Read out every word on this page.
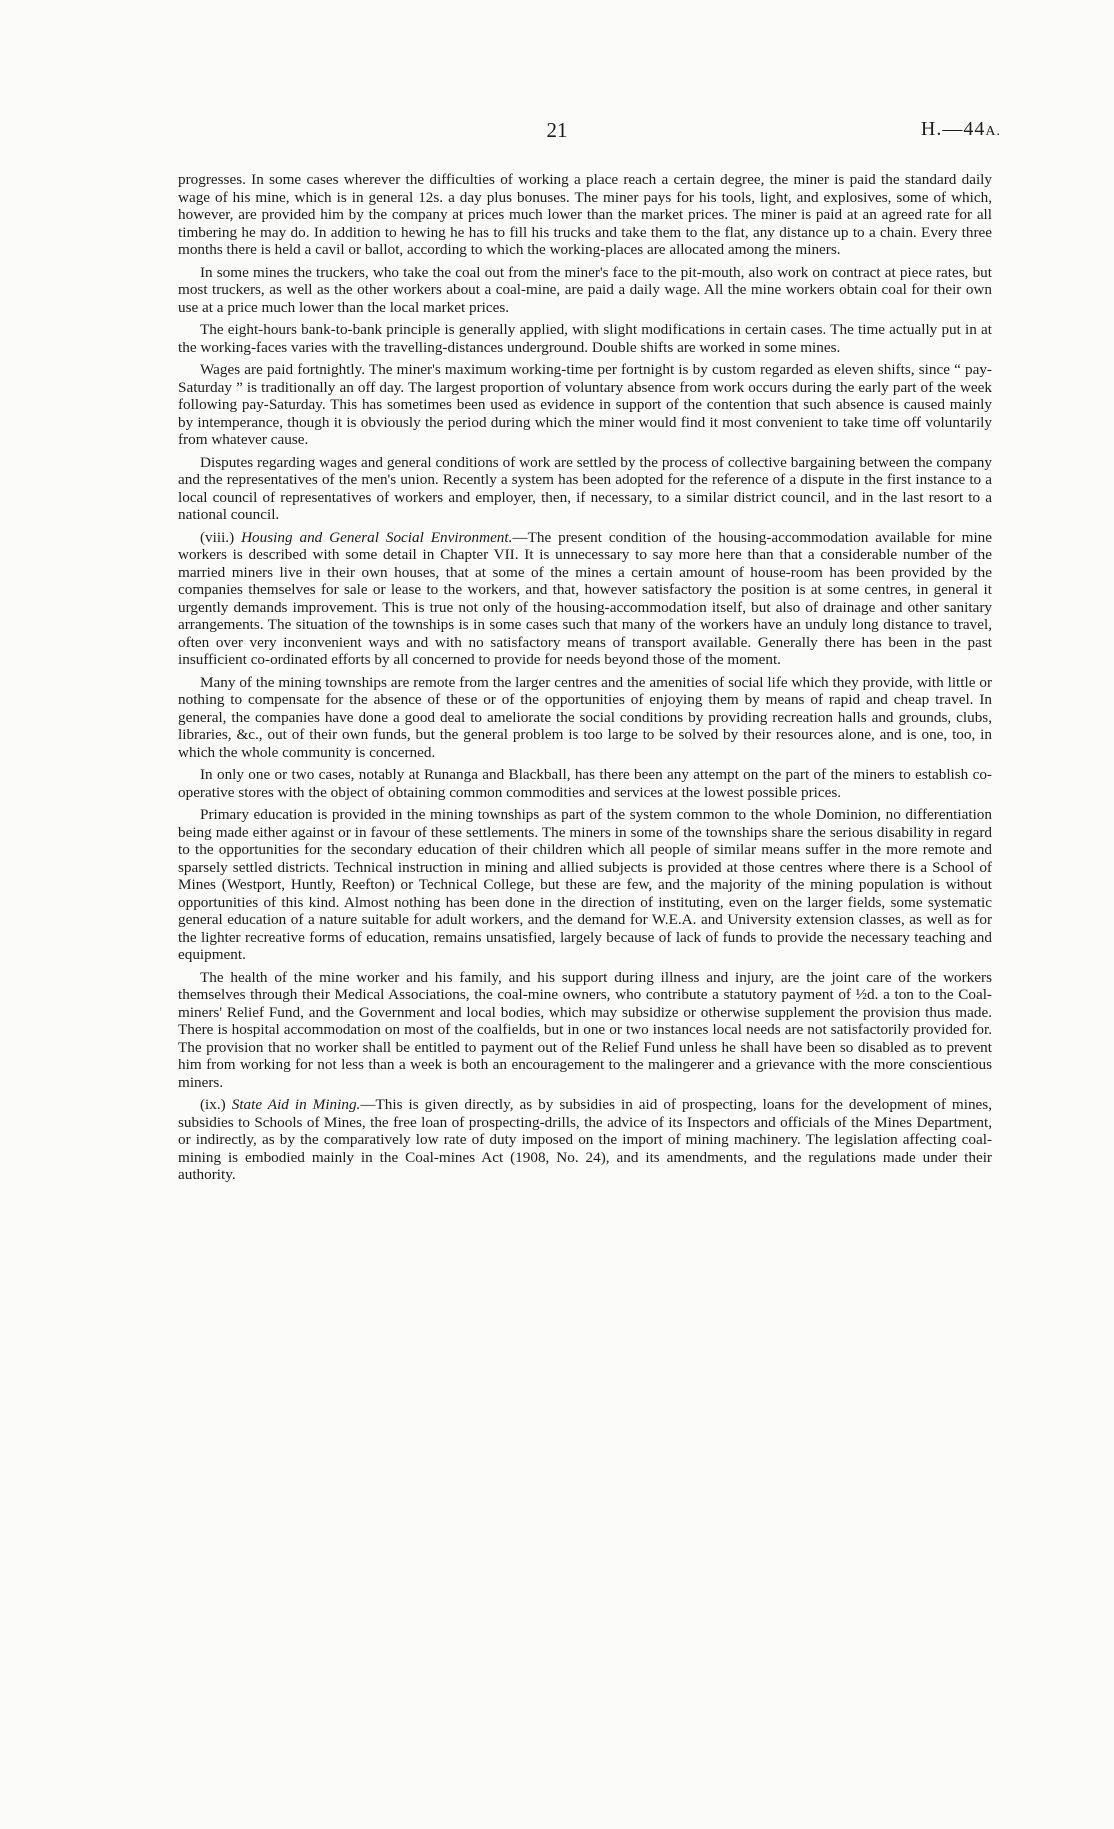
21	H.—44A.

progresses. In some cases wherever the difficulties of working a place reach a certain degree, the miner is paid the standard daily wage of his mine, which is in general 12s. a day plus bonuses. The miner pays for his tools, light, and explosives, some of which, however, are provided him by the company at prices much lower than the market prices. The miner is paid at an agreed rate for all timbering he may do. In addition to hewing he has to fill his trucks and take them to the flat, any distance up to a chain. Every three months there is held a cavil or ballot, according to which the working-places are allocated among the miners.

In some mines the truckers, who take the coal out from the miner's face to the pit-mouth, also work on contract at piece rates, but most truckers, as well as the other workers about a coal-mine, are paid a daily wage. All the mine workers obtain coal for their own use at a price much lower than the local market prices.

The eight-hours bank-to-bank principle is generally applied, with slight modifications in certain cases. The time actually put in at the working-faces varies with the travelling-distances underground. Double shifts are worked in some mines.

Wages are paid fortnightly. The miner's maximum working-time per fortnight is by custom regarded as eleven shifts, since “ pay-Saturday ” is traditionally an off day. The largest proportion of voluntary absence from work occurs during the early part of the week following pay-Saturday. This has sometimes been used as evidence in support of the contention that such absence is caused mainly by intemperance, though it is obviously the period during which the miner would find it most convenient to take time off voluntarily from whatever cause.

Disputes regarding wages and general conditions of work are settled by the process of collective bargaining between the company and the representatives of the men's union. Recently a system has been adopted for the reference of a dispute in the first instance to a local council of representatives of workers and employer, then, if necessary, to a similar district council, and in the last resort to a national council.

(viii.) Housing and General Social Environment.—The present condition of the housing-accommodation available for mine workers is described with some detail in Chapter VII. It is unnecessary to say more here than that a considerable number of the married miners live in their own houses, that at some of the mines a certain amount of house-room has been provided by the companies themselves for sale or lease to the workers, and that, however satisfactory the position is at some centres, in general it urgently demands improvement. This is true not only of the housing-accommodation itself, but also of drainage and other sanitary arrangements. The situation of the townships is in some cases such that many of the workers have an unduly long distance to travel, often over very inconvenient ways and with no satisfactory means of transport available. Generally there has been in the past insufficient co-ordinated efforts by all concerned to provide for needs beyond those of the moment.

Many of the mining townships are remote from the larger centres and the amenities of social life which they provide, with little or nothing to compensate for the absence of these or of the opportunities of enjoying them by means of rapid and cheap travel. In general, the companies have done a good deal to ameliorate the social conditions by providing recreation halls and grounds, clubs, libraries, &c., out of their own funds, but the general problem is too large to be solved by their resources alone, and is one, too, in which the whole community is concerned.

In only one or two cases, notably at Runanga and Blackball, has there been any attempt on the part of the miners to establish co-operative stores with the object of obtaining common commodities and services at the lowest possible prices.

Primary education is provided in the mining townships as part of the system common to the whole Dominion, no differentiation being made either against or in favour of these settlements. The miners in some of the townships share the serious disability in regard to the opportunities for the secondary education of their children which all people of similar means suffer in the more remote and sparsely settled districts. Technical instruction in mining and allied subjects is provided at those centres where there is a School of Mines (Westport, Huntly, Reefton) or Technical College, but these are few, and the majority of the mining population is without opportunities of this kind. Almost nothing has been done in the direction of instituting, even on the larger fields, some systematic general education of a nature suitable for adult workers, and the demand for W.E.A. and University extension classes, as well as for the lighter recreative forms of education, remains unsatisfied, largely because of lack of funds to provide the necessary teaching and equipment.

The health of the mine worker and his family, and his support during illness and injury, are the joint care of the workers themselves through their Medical Associations, the coal-mine owners, who contribute a statutory payment of ½d. a ton to the Coal-miners' Relief Fund, and the Government and local bodies, which may subsidize or otherwise supplement the provision thus made. There is hospital accommodation on most of the coalfields, but in one or two instances local needs are not satisfactorily provided for. The provision that no worker shall be entitled to payment out of the Relief Fund unless he shall have been so disabled as to prevent him from working for not less than a week is both an encouragement to the malingerer and a grievance with the more conscientious miners.

(ix.) State Aid in Mining.—This is given directly, as by subsidies in aid of prospecting, loans for the development of mines, subsidies to Schools of Mines, the free loan of prospecting-drills, the advice of its Inspectors and officials of the Mines Department, or indirectly, as by the comparatively low rate of duty imposed on the import of mining machinery. The legislation affecting coal-mining is embodied mainly in the Coal-mines Act (1908, No. 24), and its amendments, and the regulations made under their authority.
